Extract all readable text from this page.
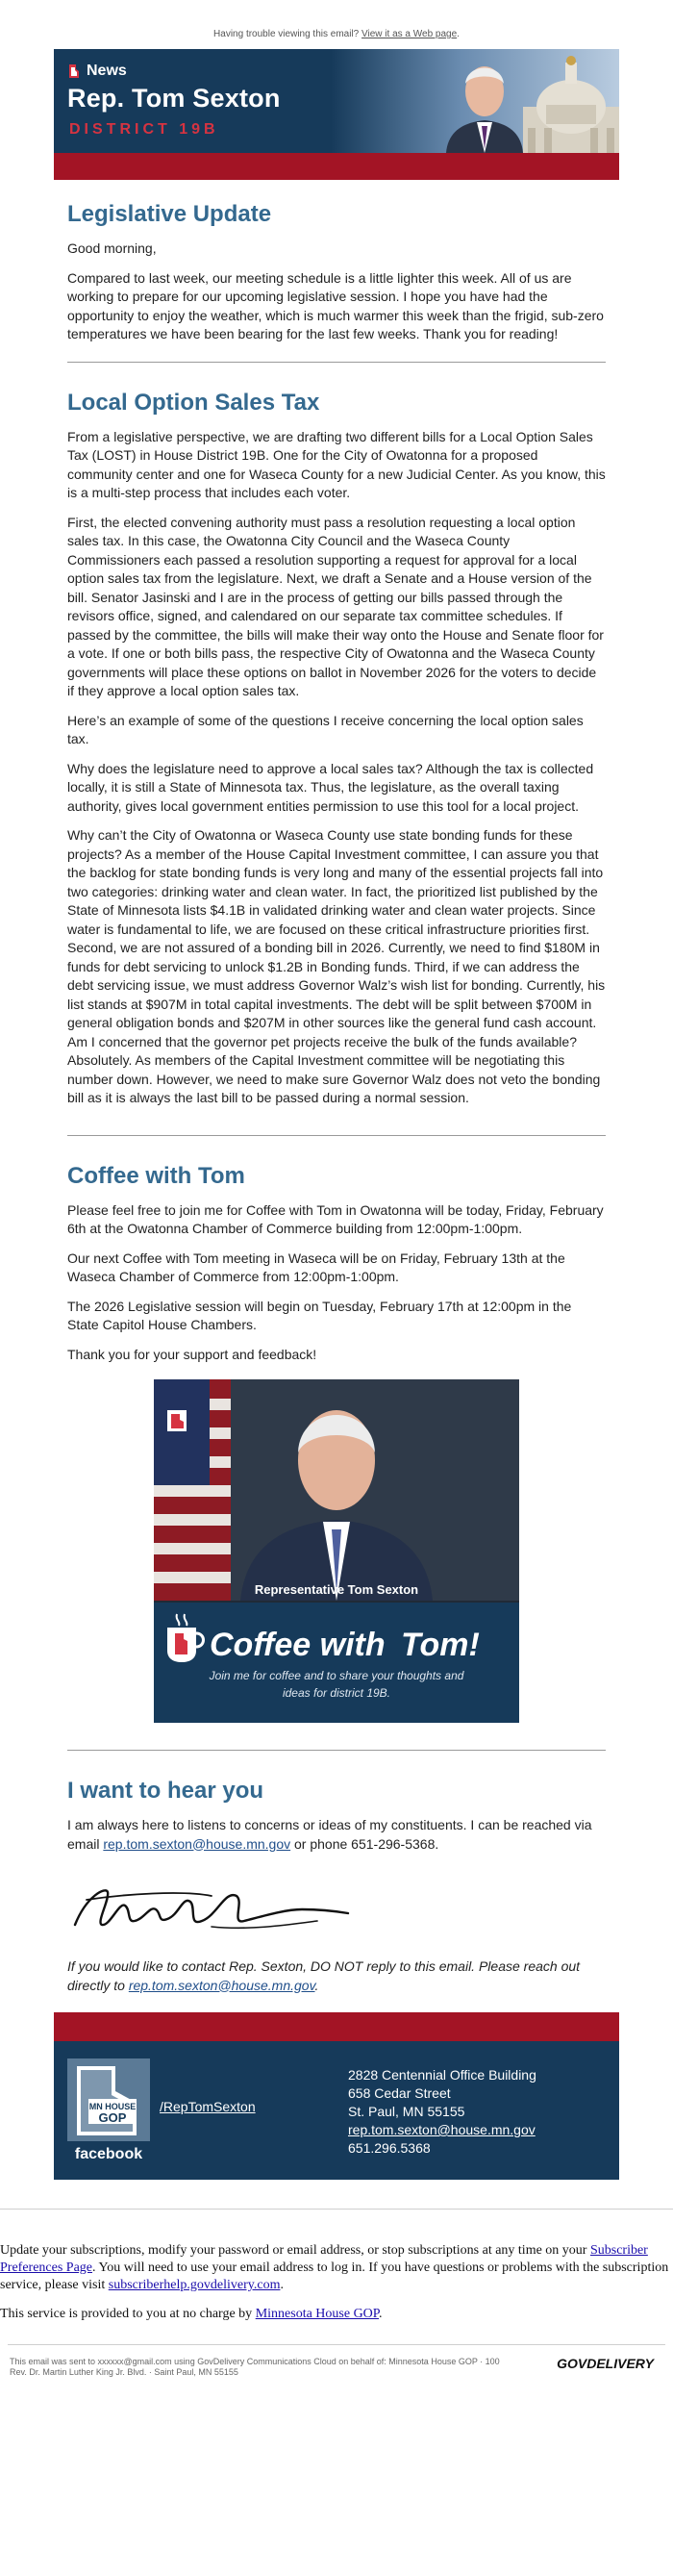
Having trouble viewing this email? View it as a Web page.
News
Rep. Tom Sexton
DISTRICT 19B
Legislative Update

Good morning,

Compared to last week, our meeting schedule is a little lighter this week. All of us are working to prepare for our upcoming legislative session. I hope you have had the opportunity to enjoy the weather, which is much warmer this week than the frigid, sub-zero temperatures we have been bearing for the last few weeks. Thank you for reading!

Local Option Sales Tax

From a legislative perspective, we are drafting two different bills for a Local Option Sales Tax (LOST) in House District 19B. One for the City of Owatonna for a proposed community center and one for Waseca County for a new Judicial Center. As you know, this is a multi-step process that includes each voter.

First, the elected convening authority must pass a resolution requesting a local option sales tax. In this case, the Owatonna City Council and the Waseca County Commissioners each passed a resolution supporting a request for approval for a local option sales tax from the legislature. Next, we draft a Senate and a House version of the bill. Senator Jasinski and I are in the process of getting our bills passed through the revisors office, signed, and calendared on our separate tax committee schedules. If passed by the committee, the bills will make their way onto the House and Senate floor for a vote. If one or both bills pass, the respective City of Owatonna and the Waseca County governments will place these options on ballot in November 2026 for the voters to decide if they approve a local option sales tax.

Here’s an example of some of the questions I receive concerning the local option sales tax.

Why does the legislature need to approve a local sales tax? Although the tax is collected locally, it is still a State of Minnesota tax. Thus, the legislature, as the overall taxing authority, gives local government entities permission to use this tool for a local project.

Why can’t the City of Owatonna or Waseca County use state bonding funds for these projects? As a member of the House Capital Investment committee, I can assure you that the backlog for state bonding funds is very long and many of the essential projects fall into two categories: drinking water and clean water. In fact, the prioritized list published by the State of Minnesota lists $4.1B in validated drinking water and clean water projects. Since water is fundamental to life, we are focused on these critical infrastructure priorities first. Second, we are not assured of a bonding bill in 2026. Currently, we need to find $180M in funds for debt servicing to unlock $1.2B in Bonding funds. Third, if we can address the debt servicing issue, we must address Governor Walz’s wish list for bonding. Currently, his list stands at $907M in total capital investments. The debt will be split between $700M in general obligation bonds and $207M in other sources like the general fund cash account. Am I concerned that the governor pet projects receive the bulk of the funds available? Absolutely. As members of the Capital Investment committee will be negotiating this number down. However, we need to make sure Governor Walz does not veto the bonding bill as it is always the last bill to be passed during a normal session.

Coffee with Tom

Please feel free to join me for Coffee with Tom in Owatonna will be today, Friday, February 6th at the Owatonna Chamber of Commerce building from 12:00pm-1:00pm.

Our next Coffee with Tom meeting in Waseca will be on Friday, February 13th at the Waseca Chamber of Commerce from 12:00pm-1:00pm.

The 2026 Legislative session will begin on Tuesday, February 17th at 12:00pm in the State Capitol House Chambers.

Thank you for your support and feedback!

Representative Tom Sexton
Coffee with Tom!
Join me for coffee and to share your thoughts and
ideas for district 19B.
I want to hear you

I am always here to listens to concerns or ideas of my constituents. I can be reached via email rep.tom.sexton@house.mn.gov or phone 651-296-5368.

If you would like to contact Rep. Sexton, DO NOT reply to this email. Please reach out directly to rep.tom.sexton@house.mn.gov.

MN HOUSE
GOP
facebook
/RepTomSexton
2828 Centennial Office Building
658 Cedar Street
St. Paul, MN 55155
rep.tom.sexton@house.mn.gov
651.296.5368

Update your subscriptions, modify your password or email address, or stop subscriptions at any time on your Subscriber Preferences Page. You will need to use your email address to log in. If you have questions or problems with the subscription service, please visit subscriberhelp.govdelivery.com.

This service is provided to you at no charge by Minnesota House GOP.

This email was sent to xxxxxx@gmail.com using GovDelivery Communications Cloud on behalf of: Minnesota House GOP · 100
Rev. Dr. Martin Luther King Jr. Blvd. · Saint Paul, MN 55155
GOVDELIVERY
